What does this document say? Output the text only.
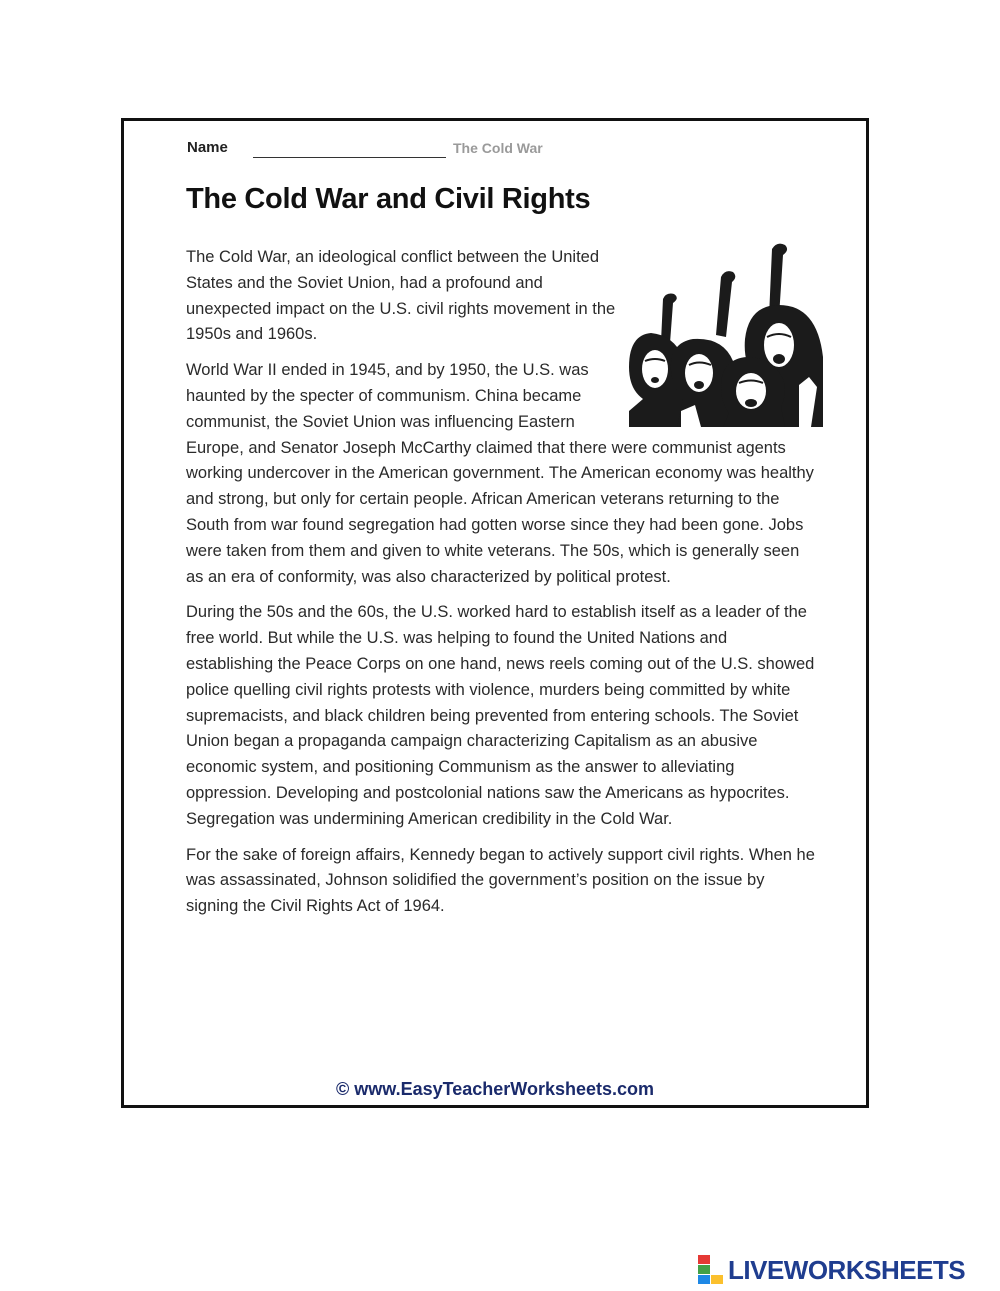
Name	The Cold War
The Cold War and Civil Rights

The Cold War, an ideological conflict between the United States and the Soviet Union, had a profound and unexpected impact on the U.S. civil rights movement in the 1950s and 1960s.

World War II ended in 1945, and by 1950, the U.S. was haunted by the specter of communism. China became communist, the Soviet Union was influencing Eastern Europe, and Senator Joseph McCarthy claimed that there were communist agents working undercover in the American government. The American economy was healthy and strong, but only for certain people. African American veterans returning to the South from war found segregation had gotten worse since they had been gone. Jobs were taken from them and given to white veterans. The 50s, which is generally seen as an era of conformity, was also characterized by political protest.

During the 50s and the 60s, the U.S. worked hard to establish itself as a leader of the free world. But while the U.S. was helping to found the United Nations and establishing the Peace Corps on one hand, news reels coming out of the U.S. showed police quelling civil rights protests with violence, murders being committed by white supremacists, and black children being prevented from entering schools. The Soviet Union began a propaganda campaign characterizing Capitalism as an abusive economic system, and positioning Communism as the answer to alleviating oppression. Developing and postcolonial nations saw the Americans as hypocrites. Segregation was undermining American credibility in the Cold War.

For the sake of foreign affairs, Kennedy began to actively support civil rights. When he was assassinated, Johnson solidified the government’s position on the issue by signing the Civil Rights Act of 1964.

© www.EasyTeacherWorksheets.com
LIVEWORKSHEETS
